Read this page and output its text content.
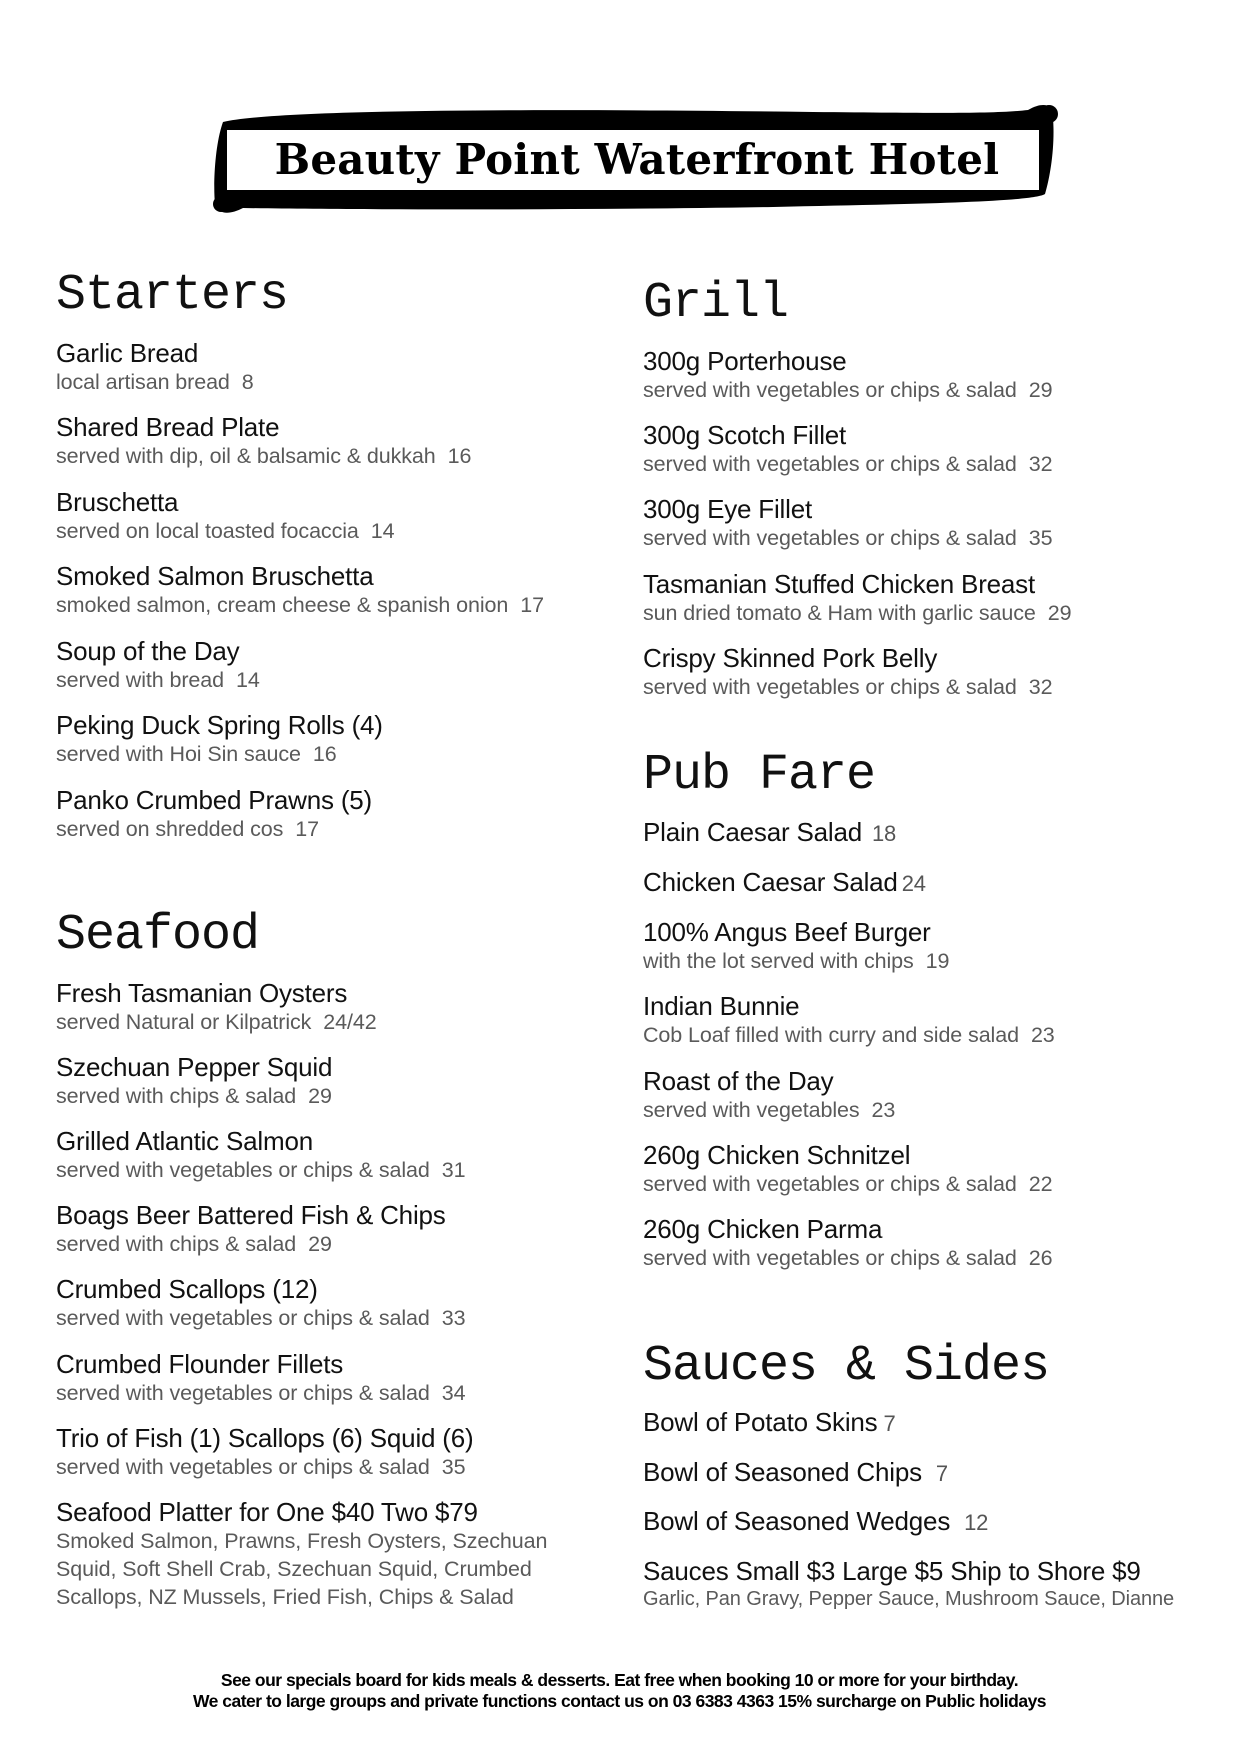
Beauty Point Waterfront Hotel
Starters
Garlic Bread
local artisan bread 8
Shared Bread Plate
served with dip, oil & balsamic & dukkah 16
Bruschetta
served on local toasted focaccia 14
Smoked Salmon Bruschetta
smoked salmon, cream cheese & spanish onion 17
Soup of the Day
served with bread 14
Peking Duck Spring Rolls (4)
served with Hoi Sin sauce 16
Panko Crumbed Prawns (5)
served on shredded cos 17
Seafood
Fresh Tasmanian Oysters
served Natural or Kilpatrick 24/42
Szechuan Pepper Squid
served with chips & salad 29
Grilled Atlantic Salmon
served with vegetables or chips & salad 31
Boags Beer Battered Fish & Chips
served with chips & salad 29
Crumbed Scallops (12)
served with vegetables or chips & salad 33
Crumbed Flounder Fillets
served with vegetables or chips & salad 34
Trio of Fish (1) Scallops (6) Squid (6)
served with vegetables or chips & salad 35
Seafood Platter for One $40 Two $79
Smoked Salmon, Prawns, Fresh Oysters, Szechuan Squid, Soft Shell Crab, Szechuan Squid, Crumbed Scallops, NZ Mussels, Fried Fish, Chips & Salad
Grill
300g Porterhouse
served with vegetables or chips & salad 29
300g Scotch Fillet
served with vegetables or chips & salad 32
300g Eye Fillet
served with vegetables or chips & salad 35
Tasmanian Stuffed Chicken Breast
sun dried tomato & Ham with garlic sauce 29
Crispy Skinned Pork Belly
served with vegetables or chips & salad 32
Pub Fare
Plain Caesar Salad 18
Chicken Caesar Salad 24
100% Angus Beef Burger
with the lot served with chips 19
Indian Bunnie
Cob Loaf filled with curry and side salad 23
Roast of the Day
served with vegetables 23
260g Chicken Schnitzel
served with vegetables or chips & salad 22
260g Chicken Parma
served with vegetables or chips & salad 26
Sauces & Sides
Bowl of Potato Skins 7
Bowl of Seasoned Chips 7
Bowl of Seasoned Wedges 12
Sauces Small $3 Large $5 Ship to Shore $9
Garlic, Pan Gravy, Pepper Sauce, Mushroom Sauce, Dianne
See our specials board for kids meals & desserts. Eat free when booking 10 or more for your birthday.
We cater to large groups and private functions contact us on 03 6383 4363 15% surcharge on Public holidays
